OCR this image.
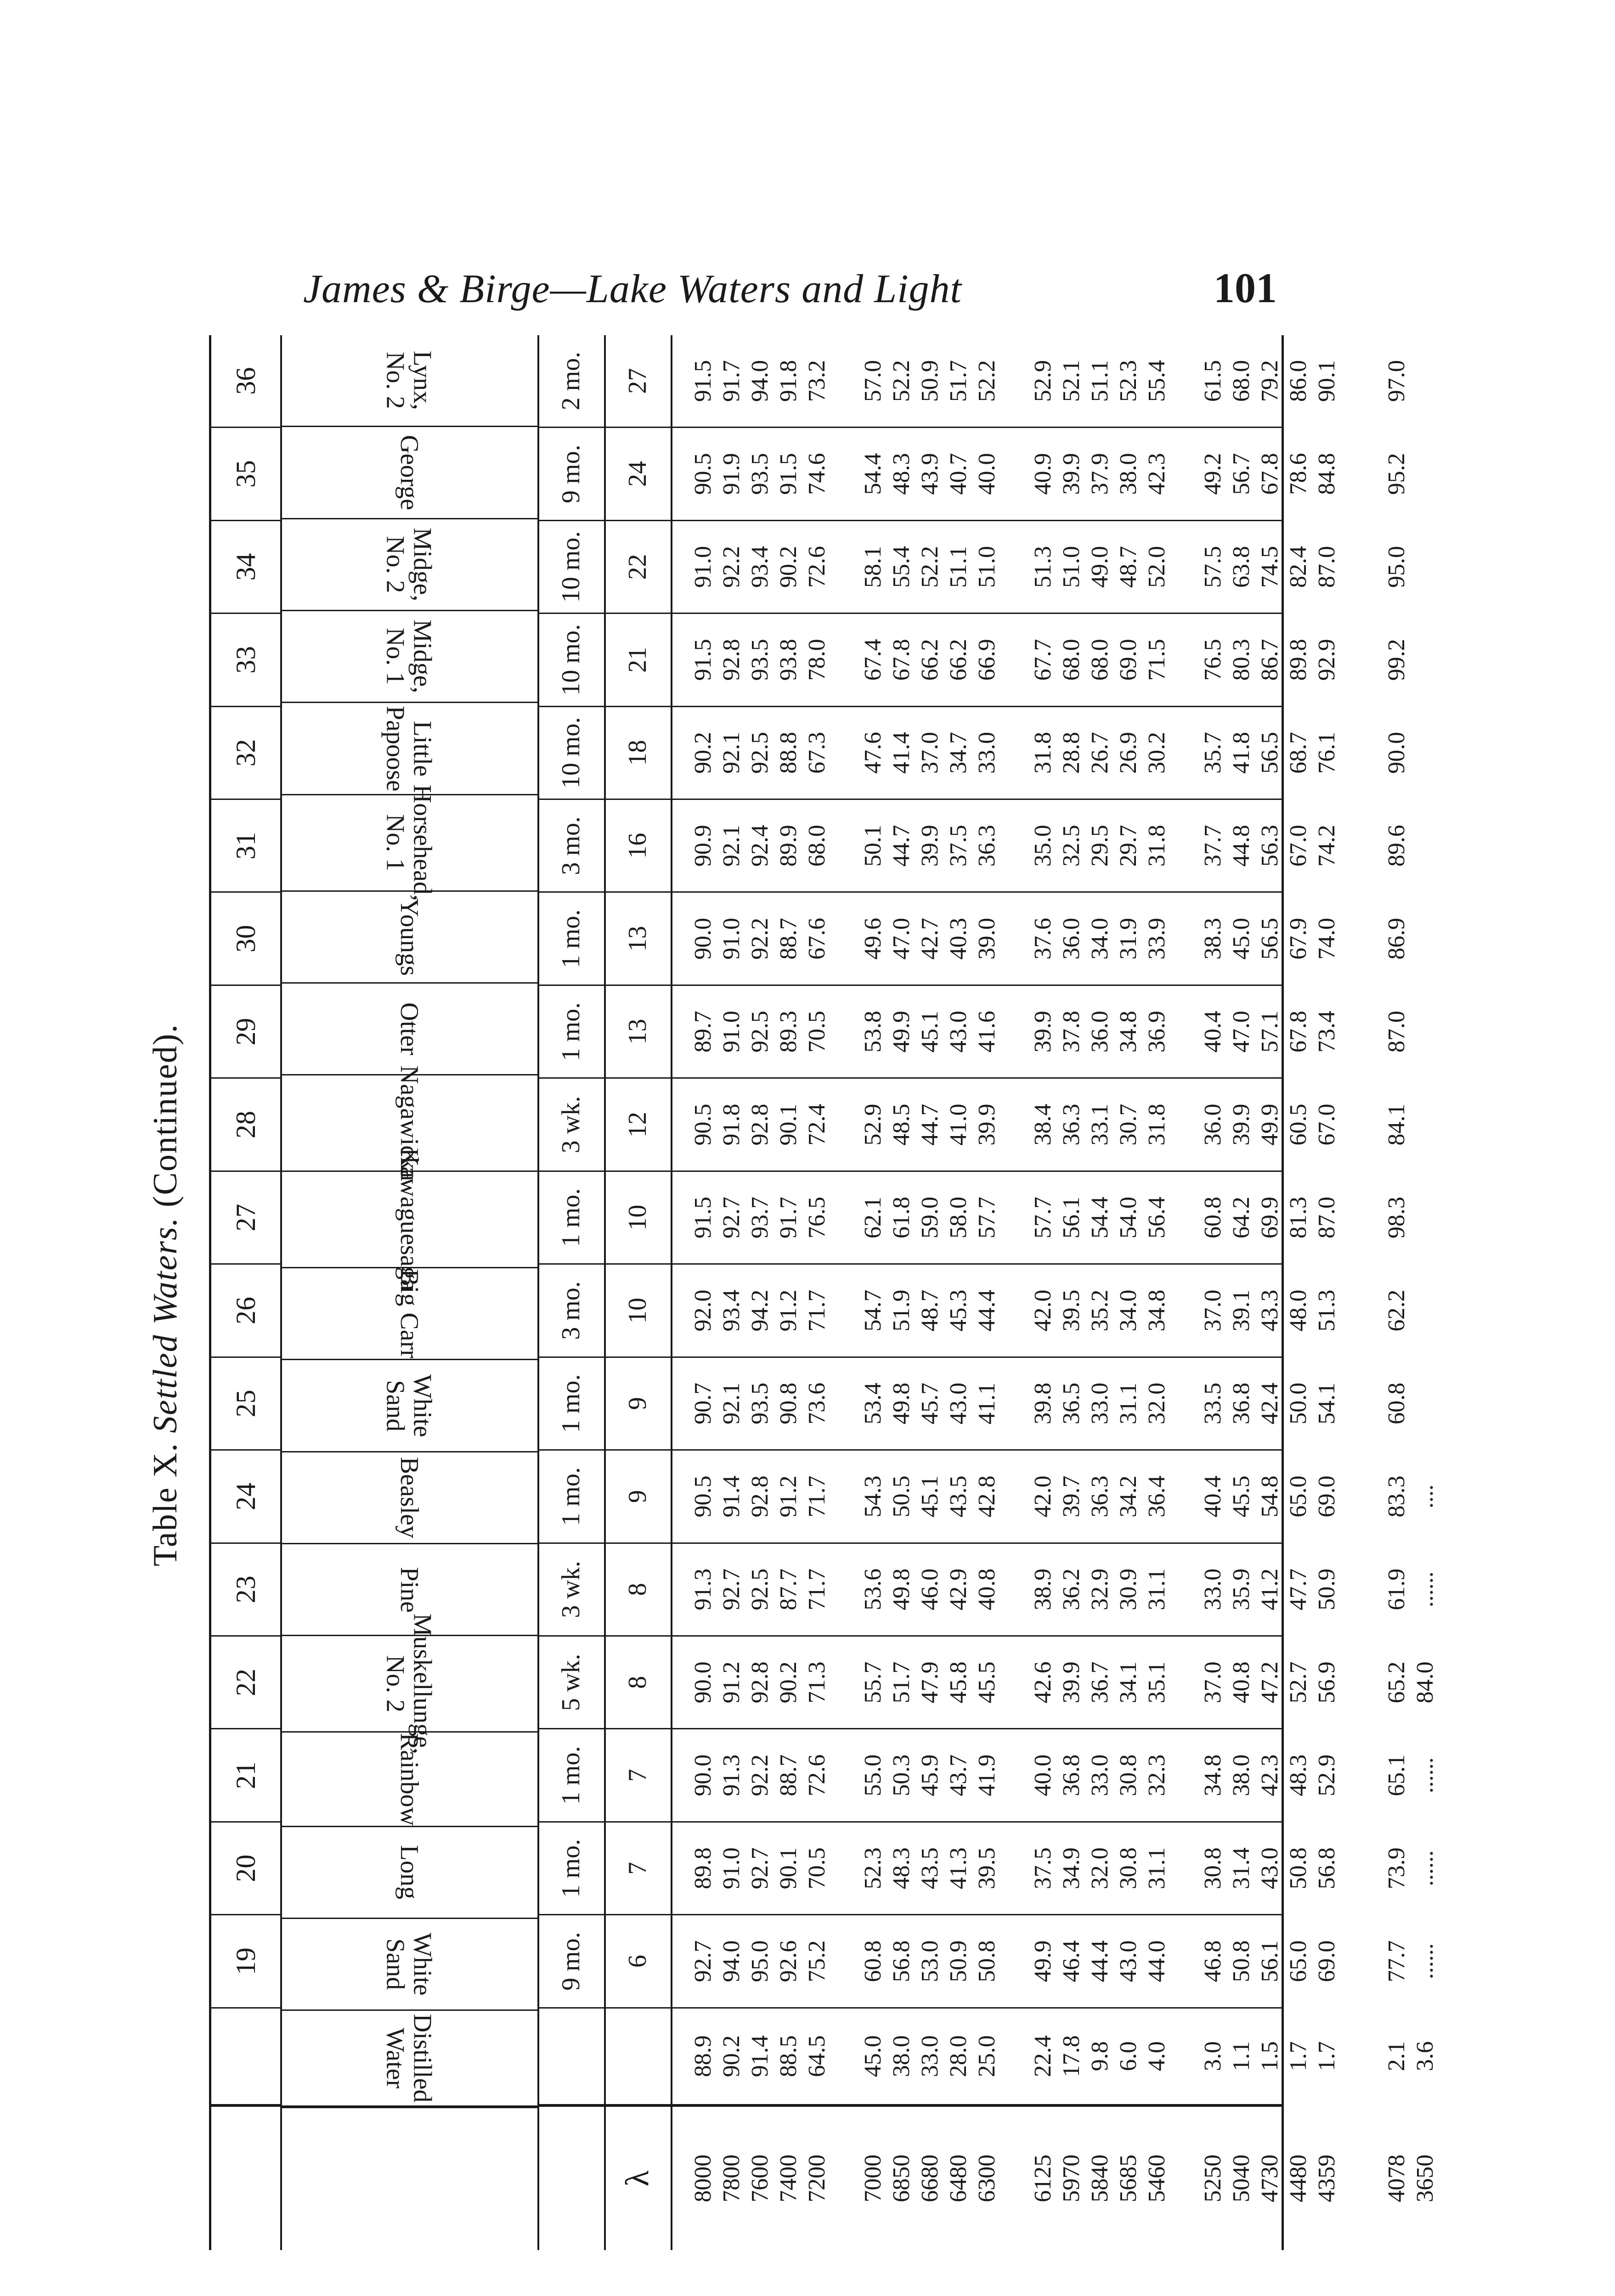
James & Birge—Lake Waters and Light	101
Table X. Settled Waters. (Continued).
19
20
21
22
23
24
25
26
27
28
29
30
31
32
33
34
35
36
Distilled Water
White Sand
Long
Rainbow
Muskellunge, No. 2
Pine
Beasley
White Sand
Big Carr
Kawaguesaga
Nagawicka
Otter
Youngs
Horsehead, No. 1
Little Papoose
Midge, No. 1
Midge, No. 2
George
Lynx, No. 2
9 mo.
1 mo.
1 mo.
5 wk.
3 wk.
1 mo.
1 mo.
3 mo.
1 mo.
3 wk.
1 mo.
1 mo.
3 mo.
10 mo.
10 mo.
10 mo.
9 mo.
2 mo.
λ
6
7
7
8
8
9
9
10
10
12
13
13
16
18
21
22
24
27
8000 7800 7600 7400 7200 7000 6850 6680 6480 6300 6125 5970 5840 5685 5460 5250 5040 4730 4480 4359 4078 3650
88.9 90.2 91.4 88.5 64.5 45.0 38.0 33.0 28.0 25.0 22.4 17.8 9.8 6.0 4.0 3.0 1.1 1.5 1.7 1.7 2.1 3.6
92.7 94.0 95.0 92.6 75.2 60.8 56.8 53.0 50.9 50.8 49.9 46.4 44.4 43.0 44.0 46.8 50.8 56.1 65.0 69.0 77.7 ......
89.8 91.0 92.7 90.1 70.5 52.3 48.3 43.5 41.3 39.5 37.5 34.9 32.0 30.8 31.1 30.8 31.4 43.0 50.8 56.8 73.9 ......
90.0 91.3 92.2 88.7 72.6 55.0 50.3 45.9 43.7 41.9 40.0 36.8 33.0 30.8 32.3 34.8 38.0 42.3 48.3 52.9 65.1 ......
90.0 91.2 92.8 90.2 71.3 55.7 51.7 47.9 45.8 45.5 42.6 39.9 36.7 34.1 35.1 37.0 40.8 47.2 52.7 56.9 65.2 84.0
91.3 92.7 92.5 87.7 71.7 53.6 49.8 46.0 42.9 40.8 38.9 36.2 32.9 30.9 31.1 33.0 35.9 41.2 47.7 50.9 61.9 ......
90.5 91.4 92.8 91.2 71.7 54.3 50.5 45.1 43.5 42.8 42.0 39.7 36.3 34.2 36.4 40.4 45.5 54.8 65.0 69.0 83.3 ....
90.7 92.1 93.5 90.8 73.6 53.4 49.8 45.7 43.0 41.1 39.8 36.5 33.0 31.1 32.0 33.5 36.8 42.4 50.0 54.1 60.8
92.0 93.4 94.2 91.2 71.7 54.7 51.9 48.7 45.3 44.4 42.0 39.5 35.2 34.0 34.8 37.0 39.1 43.3 48.0 51.3 62.2
91.5 92.7 93.7 91.7 76.5 62.1 61.8 59.0 58.0 57.7 57.7 56.1 54.4 54.0 56.4 60.8 64.2 69.9 81.3 87.0 98.3
90.5 91.8 92.8 90.1 72.4 52.9 48.5 44.7 41.0 39.9 38.4 36.3 33.1 30.7 31.8 36.0 39.9 49.9 60.5 67.0 84.1
89.7 91.0 92.5 89.3 70.5 53.8 49.9 45.1 43.0 41.6 39.9 37.8 36.0 34.8 36.9 40.4 47.0 57.1 67.8 73.4 87.0
90.0 91.0 92.2 88.7 67.6 49.6 47.0 42.7 40.3 39.0 37.6 36.0 34.0 31.9 33.9 38.3 45.0 56.5 67.9 74.0 86.9
90.9 92.1 92.4 89.9 68.0 50.1 44.7 39.9 37.5 36.3 35.0 32.5 29.5 29.7 31.8 37.7 44.8 56.3 67.0 74.2 89.6
90.2 92.1 92.5 88.8 67.3 47.6 41.4 37.0 34.7 33.0 31.8 28.8 26.7 26.9 30.2 35.7 41.8 56.5 68.7 76.1 90.0
91.5 92.8 93.5 93.8 78.0 67.4 67.8 66.2 66.2 66.9 67.7 68.0 68.0 69.0 71.5 76.5 80.3 86.7 89.8 92.9 99.2
91.0 92.2 93.4 90.2 72.6 58.1 55.4 52.2 51.1 51.0 51.3 51.0 49.0 48.7 52.0 57.5 63.8 74.5 82.4 87.0 95.0
90.5 91.9 93.5 91.5 74.6 54.4 48.3 43.9 40.7 40.0 40.9 39.9 37.9 38.0 42.3 49.2 56.7 67.8 78.6 84.8 95.2
91.5 91.7 94.0 91.8 73.2 57.0 52.2 50.9 51.7 52.2 52.9 52.1 51.1 52.3 55.4 61.5 68.0 79.2 86.0 90.1 97.0
